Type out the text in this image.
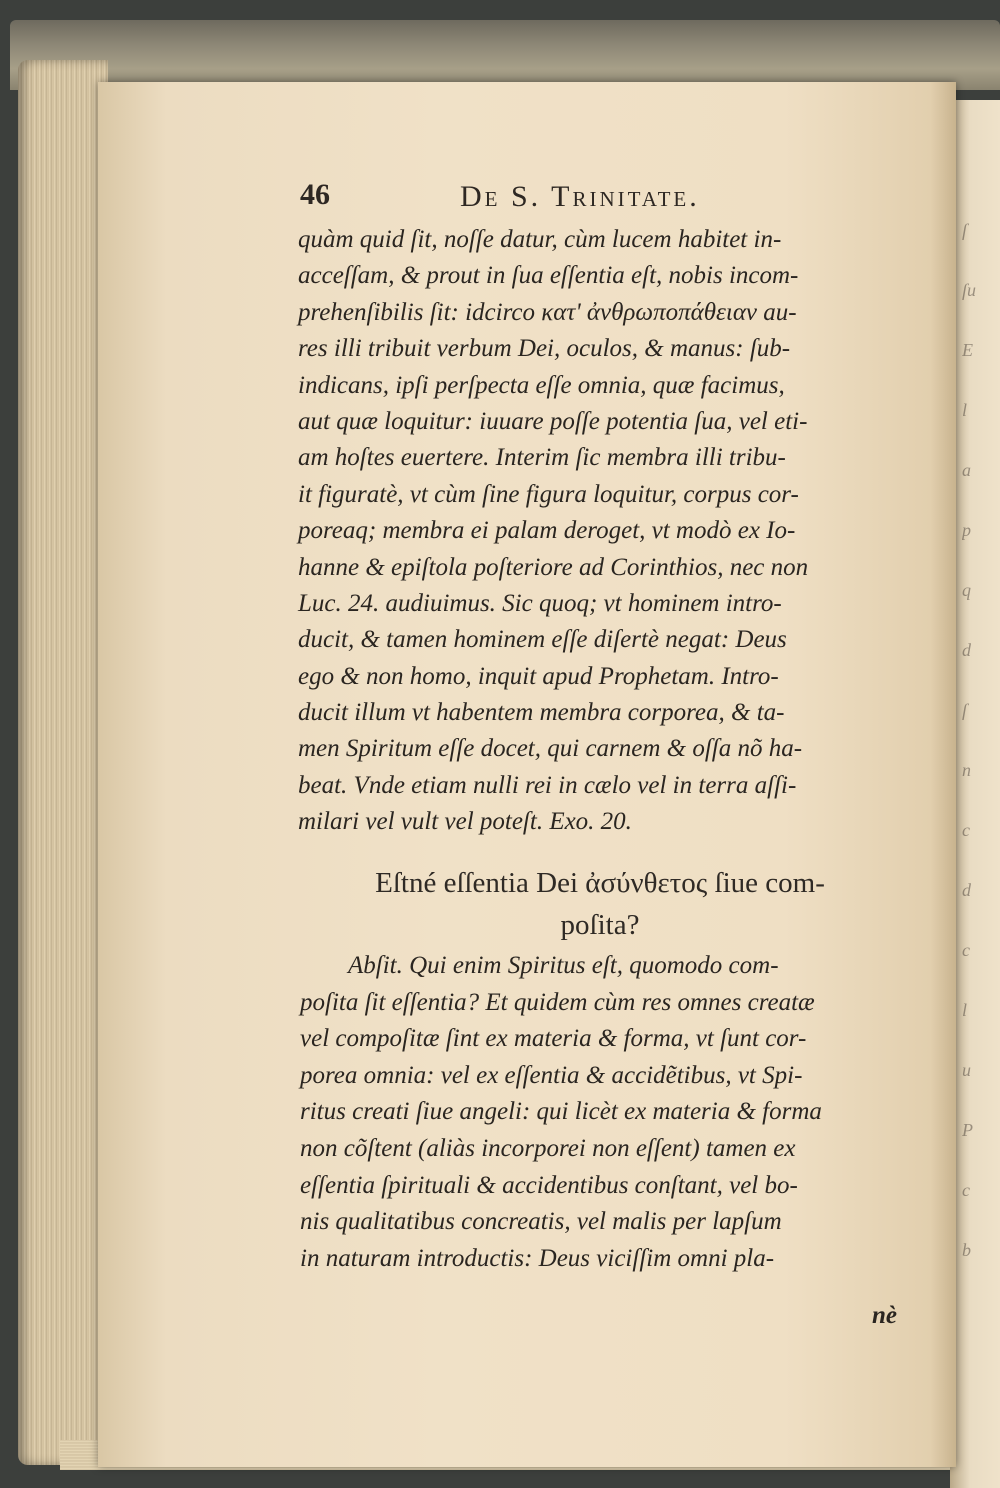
ſ
ſu
E
l
a
p
q
d
ſ
n
c
d
c
l
u
P
c
b
46	De S. Trinitate.
quàm quid ſit, noſſe datur, cùm lucem habitet in-
acceſſam, & prout in ſua eſſentia eſt, nobis incom-
prehenſibilis ſit: idcirco κατ' ἀνθρωποπάθειαν au-
res illi tribuit verbum Dei, oculos, & manus: ſub-
indicans, ipſi perſpecta eſſe omnia, quæ facimus,
aut quæ loquitur: iuuare poſſe potentia ſua, vel eti-
am hoſtes euertere. Interim ſic membra illi tribu-
it figuratè, vt cùm ſine figura loquitur, corpus cor-
poreaq; membra ei palam deroget, vt modò ex Io-
hanne & epiſtola poſteriore ad Corinthios, nec non
Luc. 24. audiuimus. Sic quoq; vt hominem intro-
ducit, & tamen hominem eſſe diſertè negat: Deus
ego & non homo, inquit apud Prophetam. Intro-
ducit illum vt habentem membra corporea, & ta-
men Spiritum eſſe docet, qui carnem & oſſa nõ ha-
beat. Vnde etiam nulli rei in cælo vel in terra aſſi-
milari vel vult vel poteſt. Exo. 20.
Eſtné eſſentia Dei ἀσύνθετος ſiue com-
poſita?
Abſit. Qui enim Spiritus eſt, quomodo com-
poſita ſit eſſentia? Et quidem cùm res omnes creatæ
vel compoſitæ ſint ex materia & forma, vt ſunt cor-
porea omnia: vel ex eſſentia & accidẽtibus, vt Spi-
ritus creati ſiue angeli: qui licèt ex materia & forma
non cõſtent (aliàs incorporei non eſſent) tamen ex
eſſentia ſpirituali & accidentibus conſtant, vel bo-
nis qualitatibus concreatis, vel malis per lapſum
in naturam introductis: Deus viciſſim omni pla-
nè
